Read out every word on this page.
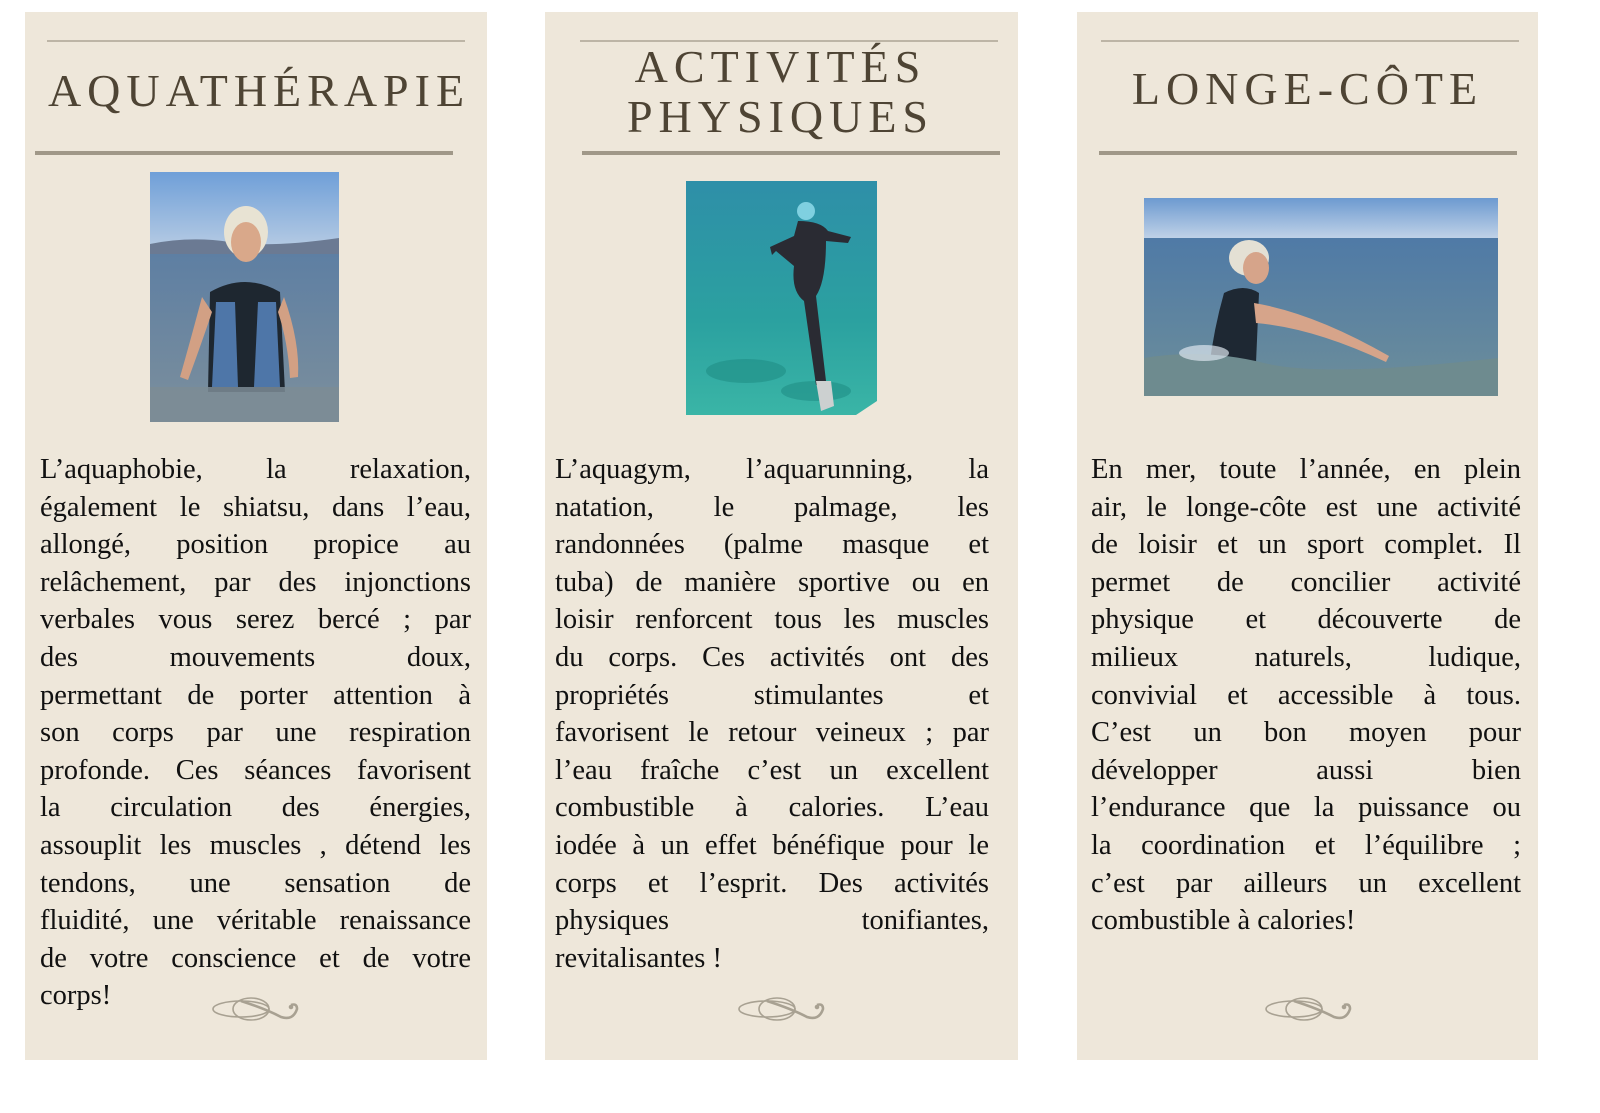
AQUATHÉRAPIE
L’aquaphobie, la relaxation,
également le shiatsu, dans l’eau,
allongé, position propice au
relâchement, par des injonctions
verbales vous serez bercé ; par
des mouvements doux,
permettant de porter attention à
son corps par une respiration
profonde. Ces séances favorisent
la circulation des énergies,
assouplit les muscles , détend les
tendons, une sensation de
fluidité, une véritable renaissance
de votre conscience et de votre
corps!
ACTIVITÉS
PHYSIQUES
L’aquagym, l’aquarunning, la
natation, le palmage, les
randonnées (palme masque et
tuba) de manière sportive ou en
loisir renforcent tous les muscles
du corps. Ces activités ont des
propriétés stimulantes et
favorisent le retour veineux ; par
l’eau fraîche c’est un excellent
combustible à calories. L’eau
iodée à un effet bénéfique pour le
corps et l’esprit. Des activités
physiques tonifiantes,
revitalisantes !
LONGE-CÔTE
En mer, toute l’année, en plein
air, le longe-côte est une activité
de loisir et un sport complet. Il
permet de concilier activité
physique et découverte de
milieux naturels, ludique,
convivial et accessible à tous.
C’est un bon moyen pour
développer aussi bien
l’endurance que la puissance ou
la coordination et l’équilibre ;
c’est par ailleurs un excellent
combustible à calories!
